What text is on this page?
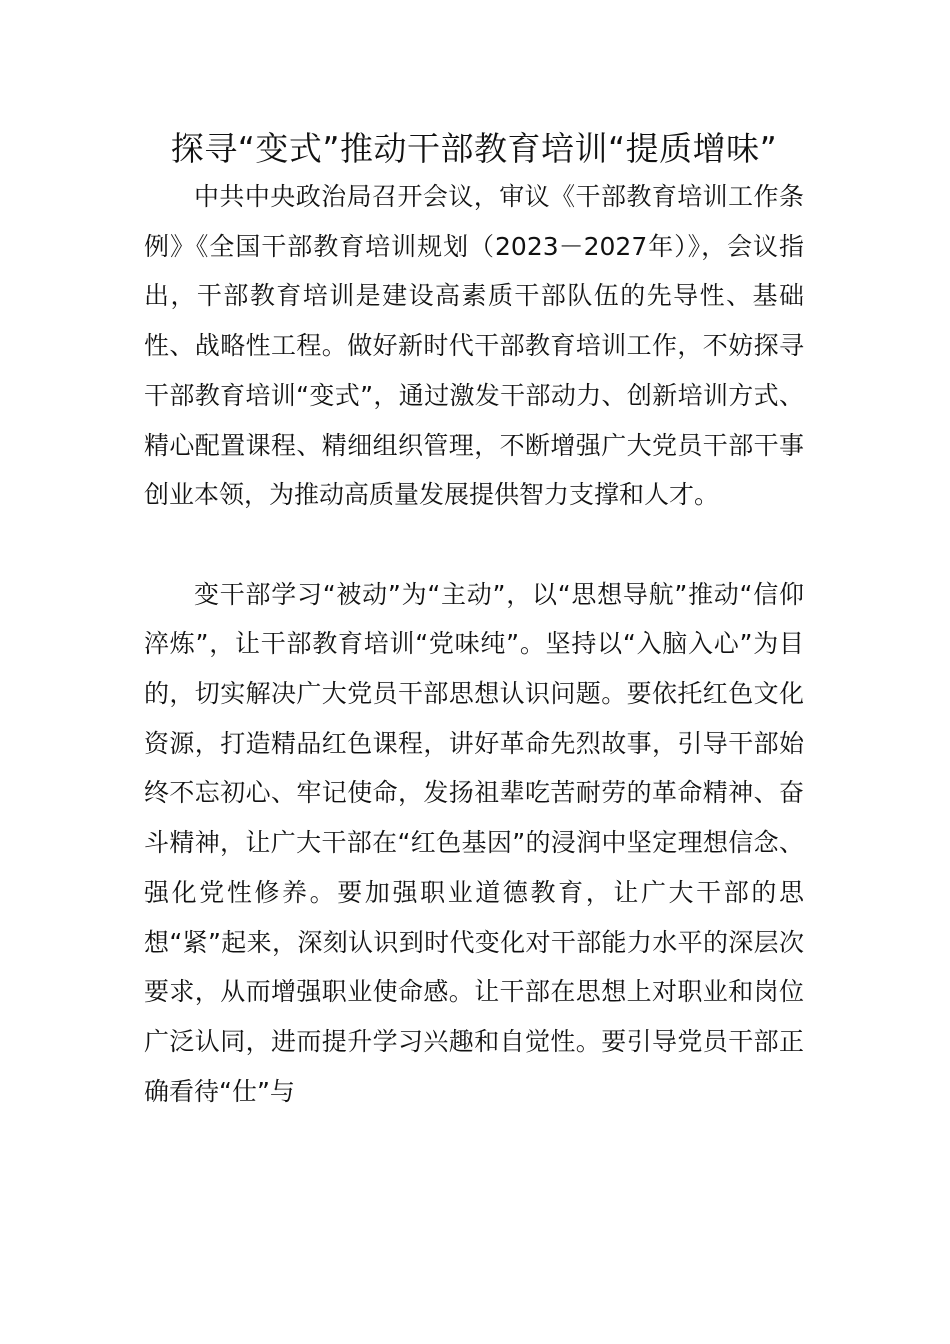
探寻“变式”推动干部教育培训“提质增味”

中共中央政治局召开会议，审议《干部教育培训工作条例》《全国干部教育培训规划（2023－2027年）》，会议指出，干部教育培训是建设高素质干部队伍的先导性、基础性、战略性工程。做好新时代干部教育培训工作，不妨探寻干部教育培训“变式”，通过激发干部动力、创新培训方式、精心配置课程、精细组织管理，不断增强广大党员干部干事创业本领，为推动高质量发展提供智力支撑和人才。

变干部学习“被动”为“主动”，以“思想导航”推动“信仰淬炼”，让干部教育培训“党味纯”。坚持以“入脑入心”为目的，切实解决广大党员干部思想认识问题。要依托红色文化资源，打造精品红色课程，讲好革命先烈故事，引导干部始终不忘初心、牢记使命，发扬祖辈吃苦耐劳的革命精神、奋斗精神，让广大干部在“红色基因”的浸润中坚定理想信念、强化党性修养。要加强职业道德教育，让广大干部的思想“紧”起来，深刻认识到时代变化对干部能力水平的深层次要求，从而增强职业使命感。让干部在思想上对职业和岗位广泛认同，进而提升学习兴趣和自觉性。要引导党员干部正确看待“仕”与
